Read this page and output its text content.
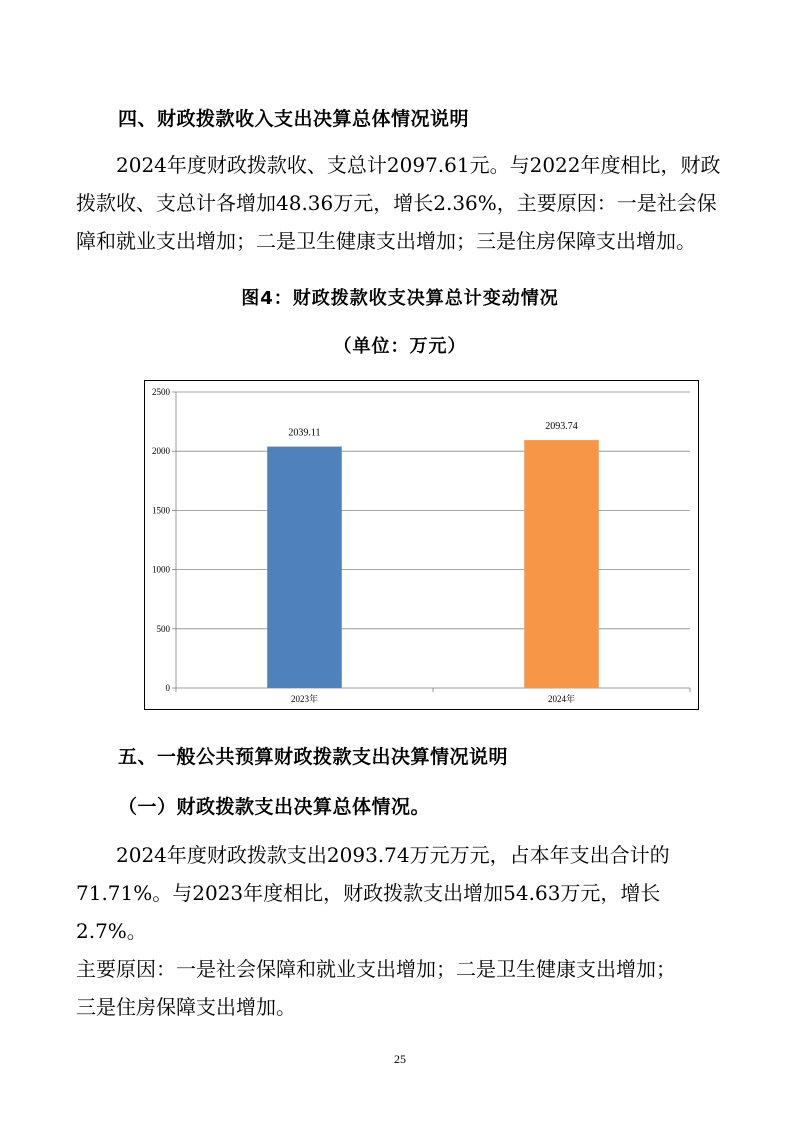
四、财政拨款收入支出决算总体情况说明

2024年度财政拨款收、支总计2097.61元。与2022年度相比，财政
拨款收、支总计各增加48.36万元，增长2.36%，主要原因：一是社会保
障和就业支出增加；二是卫生健康支出增加；三是住房保障支出增加。

图4：财政拨款收支决算总计变动情况
（单位：万元）
0
500
1000
1500
2000
2500
2039.11
2023年
2093.74
2024年
五、一般公共预算财政拨款支出决算情况说明
（一）财政拨款支出决算总体情况。

2024年度财政拨款支出2093.74万元万元，占本年支出合计的
71.71%。与2023年度相比，财政拨款支出增加54.63万元，增长2.7%。
主要原因：一是社会保障和就业支出增加；二是卫生健康支出增加；
三是住房保障支出增加。

25
